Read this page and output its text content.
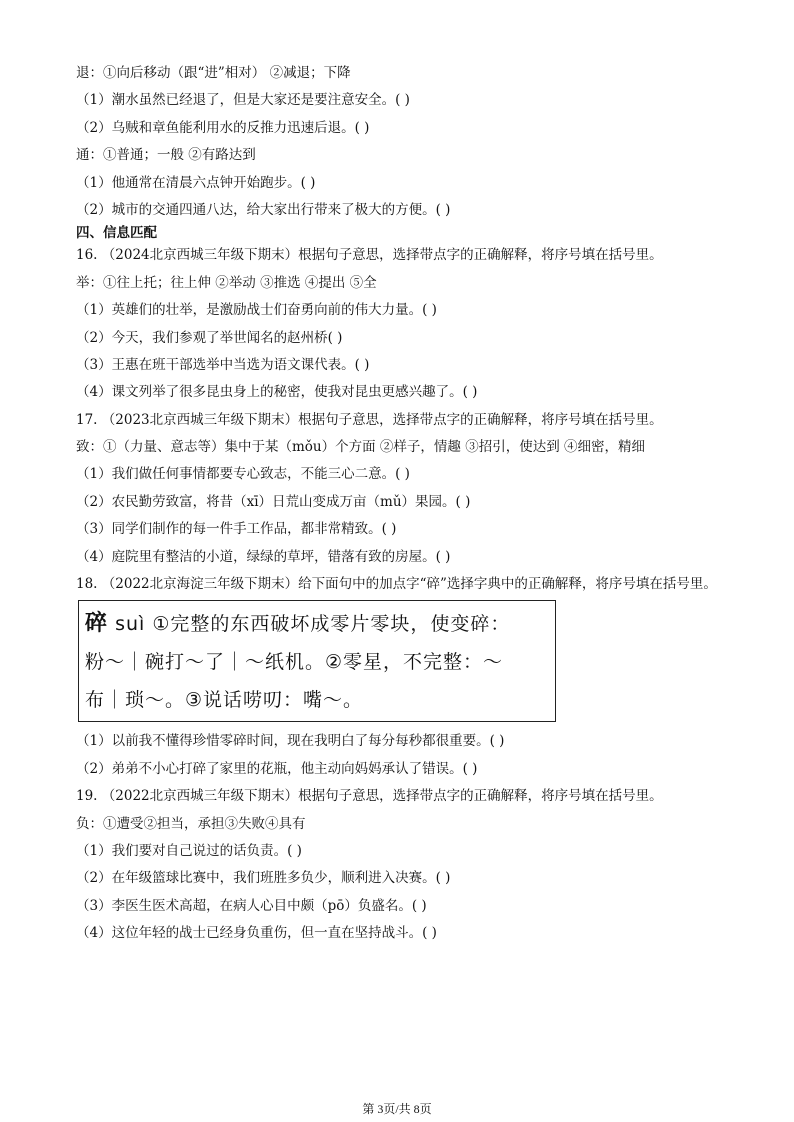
退：①向后移动（跟“进”相对） ②减退；下降
（1）潮水虽然已经退了，但是大家还是要注意安全。( )
（2）乌贼和章鱼能利用水的反推力迅速后退。( )
通：①普通；一般 ②有路达到
（1）他通常在清晨六点钟开始跑步。( )
（2）城市的交通四通八达，给大家出行带来了极大的方便。( )
四、信息匹配
16. （2024北京西城三年级下期末）根据句子意思，选择带点字的正确解释，将序号填在括号里。
举：①往上托；往上伸 ②举动 ③推选 ④提出 ⑤全
（1）英雄们的壮举，是激励战士们奋勇向前的伟大力量。( )
（2）今天，我们参观了举世闻名的赵州桥( )
（3）王惠在班干部选举中当选为语文课代表。( )
（4）课文列举了很多昆虫身上的秘密，使我对昆虫更感兴趣了。( )
17. （2023北京西城三年级下期末）根据句子意思，选择带点字的正确解释，将序号填在括号里。
致：①（力量、意志等）集中于某（mǒu）个方面 ②样子，情趣 ③招引，使达到 ④细密，精细
（1）我们做任何事情都要专心致志，不能三心二意。( )
（2）农民勤劳致富，将昔（xī）日荒山变成万亩（mǔ）果园。( )
（3）同学们制作的每一件手工作品，都非常精致。( )
（4）庭院里有整洁的小道，绿绿的草坪，错落有致的房屋。( )
18. （2022北京海淀三年级下期末）给下面句中的加点字“碎”选择字典中的正确解释，将序号填在括号里。
碎 suì ①完整的东西破坏成零片零块，使变碎：
粉～｜碗打～了｜～纸机。②零星，不完整：～
布｜琐～。③说话唠叨：嘴～。
（1）以前我不懂得珍惜零碎时间，现在我明白了每分每秒都很重要。( )
（2）弟弟不小心打碎了家里的花瓶，他主动向妈妈承认了错误。( )
19. （2022北京西城三年级下期末）根据句子意思，选择带点字的正确解释，将序号填在括号里。
负：①遭受②担当，承担③失败④具有
（1）我们要对自己说过的话负责。( )
（2）在年级篮球比赛中，我们班胜多负少，顺利进入决赛。( )
（3）李医生医术高超，在病人心目中颇（pō）负盛名。( )
（4）这位年轻的战士已经身负重伤，但一直在坚持战斗。( )
第 3页/共 8页
